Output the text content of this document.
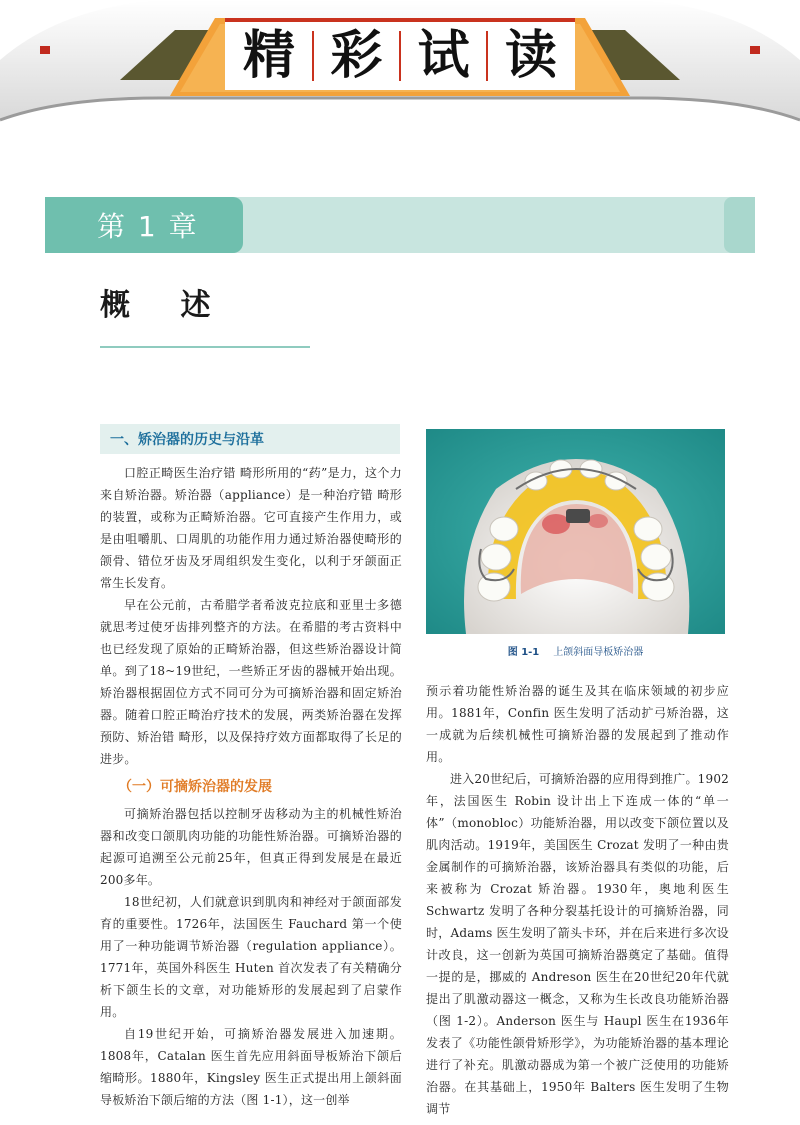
精 彩 试 读
第 1 章
概 述
一、矫治器的历史与沿革

口腔正畸医生治疗错 畸形所用的“药”是力，这个力来自矫治器。矫治器（appliance）是一种治疗错 畸形的装置，或称为正畸矫治器。它可直接产生作用力，或是由咀嚼肌、口周肌的功能作用力通过矫治器使畸形的颌骨、错位牙齿及牙周组织发生变化，以利于牙颌面正常生长发育。

早在公元前，古希腊学者希波克拉底和亚里士多德就思考过使牙齿排列整齐的方法。在希腊的考古资料中也已经发现了原始的正畸矫治器，但这些矫治器设计简单。到了18~19世纪，一些矫正牙齿的器械开始出现。矫治器根据固位方式不同可分为可摘矫治器和固定矫治器。随着口腔正畸治疗技术的发展，两类矫治器在发挥预防、矫治错 畸形，以及保持疗效方面都取得了长足的进步。

（一）可摘矫治器的发展

可摘矫治器包括以控制牙齿移动为主的机械性矫治器和改变口颌肌肉功能的功能性矫治器。可摘矫治器的起源可追溯至公元前25年，但真正得到发展是在最近200多年。

18世纪初，人们就意识到肌肉和神经对于颌面部发育的重要性。1726年，法国医生 Fauchard 第一个使用了一种功能调节矫治器（regulation appliance）。1771年，英国外科医生 Huten 首次发表了有关精确分析下颌生长的文章，对功能矫形的发展起到了启蒙作用。

自19世纪开始，可摘矫治器发展进入加速期。1808年，Catalan 医生首先应用斜面导板矫治下颌后缩畸形。1880年，Kingsley 医生正式提出用上颌斜面导板矫治下颌后缩的方法（图 1-1），这一创举

图 1-1 上颌斜面导板矫治器

预示着功能性矫治器的诞生及其在临床领域的初步应用。1881年，Confin 医生发明了活动扩弓矫治器，这一成就为后续机械性可摘矫治器的发展起到了推动作用。

进入20世纪后，可摘矫治器的应用得到推广。1902年，法国医生 Robin 设计出上下连成一体的“单一体”（monobloc）功能矫治器，用以改变下颌位置以及肌肉活动。1919年，美国医生 Crozat 发明了一种由贵金属制作的可摘矫治器，该矫治器具有类似的功能，后来被称为 Crozat 矫治器。1930年，奥地利医生 Schwartz 发明了各种分裂基托设计的可摘矫治器，同时，Adams 医生发明了箭头卡环，并在后来进行多次设计改良，这一创新为英国可摘矫治器奠定了基础。值得一提的是，挪威的 Andreson 医生在20世纪20年代就提出了肌激动器这一概念，又称为生长改良功能矫治器（图 1-2）。Anderson 医生与 Haupl 医生在1936年发表了《功能性颌骨矫形学》，为功能矫治器的基本理论进行了补充。肌激动器成为第一个被广泛使用的功能矫治器。在其基础上，1950年 Balters 医生发明了生物调节
